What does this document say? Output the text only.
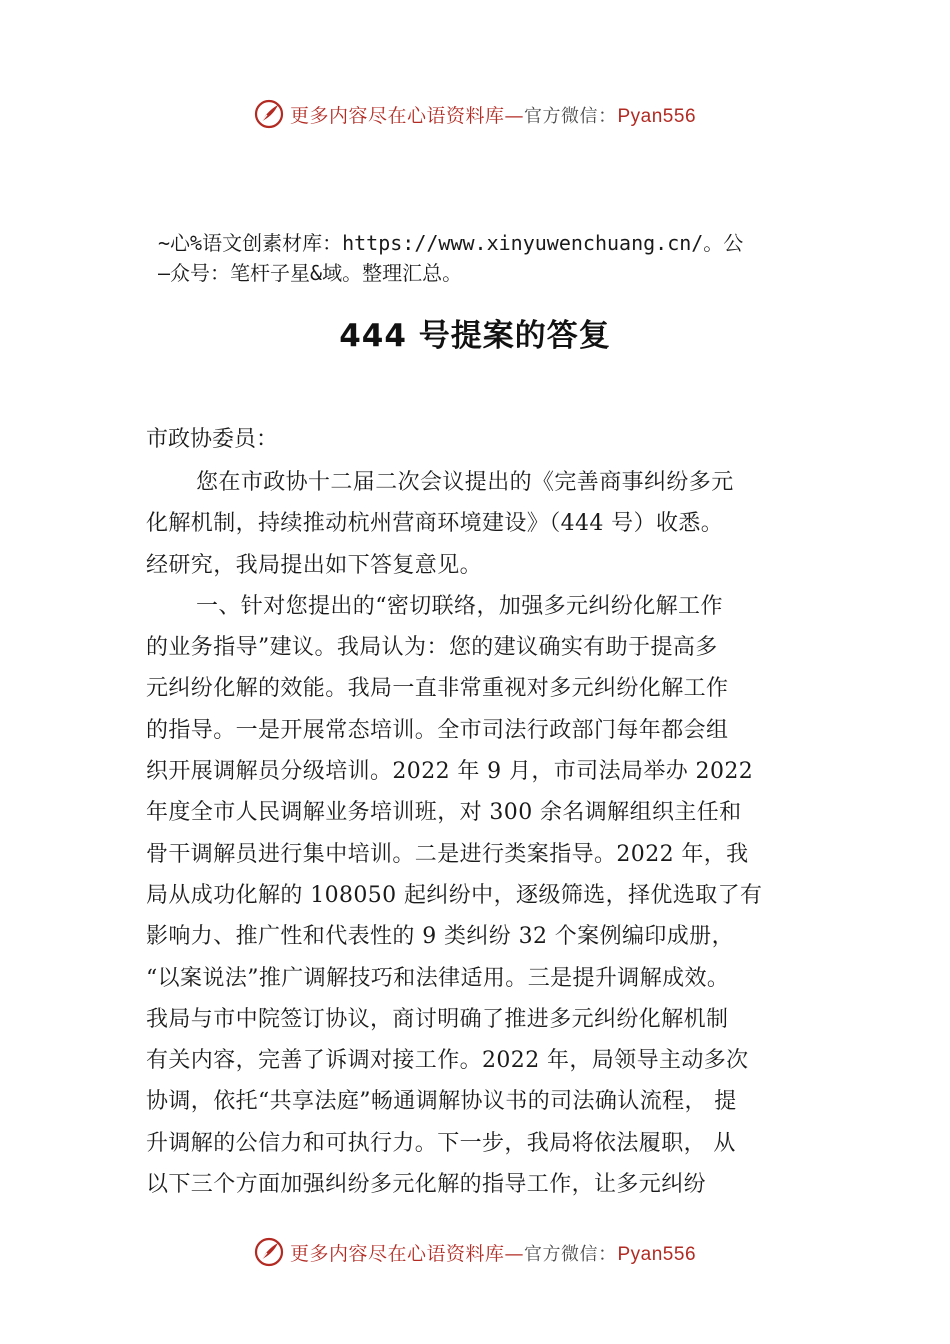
更多内容尽在心语资料库—官方微信：Pyan556
~心%语文创素材库：https://www.xinyuwenchuang.cn/。公
—众号：笔杆子星&域。整理汇总。
444 号提案的答复
市政协委员：
您在市政协十二届二次会议提出的《完善商事纠纷多元
化解机制，持续推动杭州营商环境建设》（444 号）收悉。
经研究，我局提出如下答复意见。
一、针对您提出的“密切联络，加强多元纠纷化解工作
的业务指导”建议。我局认为：您的建议确实有助于提高多
元纠纷化解的效能。我局一直非常重视对多元纠纷化解工作
的指导。一是开展常态培训。全市司法行政部门每年都会组
织开展调解员分级培训。2022 年 9 月，市司法局举办 2022
年度全市人民调解业务培训班，对 300 余名调解组织主任和
骨干调解员进行集中培训。二是进行类案指导。2022 年，我
局从成功化解的 108050 起纠纷中，逐级筛选，择优选取了有
影响力、推广性和代表性的 9 类纠纷 32 个案例编印成册，
“以案说法”推广调解技巧和法律适用。三是提升调解成效。
我局与市中院签订协议，商讨明确了推进多元纠纷化解机制
有关内容，完善了诉调对接工作。2022 年，局领导主动多次
协调，依托“共享法庭”畅通调解协议书的司法确认流程， 提
升调解的公信力和可执行力。下一步，我局将依法履职， 从
以下三个方面加强纠纷多元化解的指导工作，让多元纠纷
更多内容尽在心语资料库—官方微信：Pyan556
